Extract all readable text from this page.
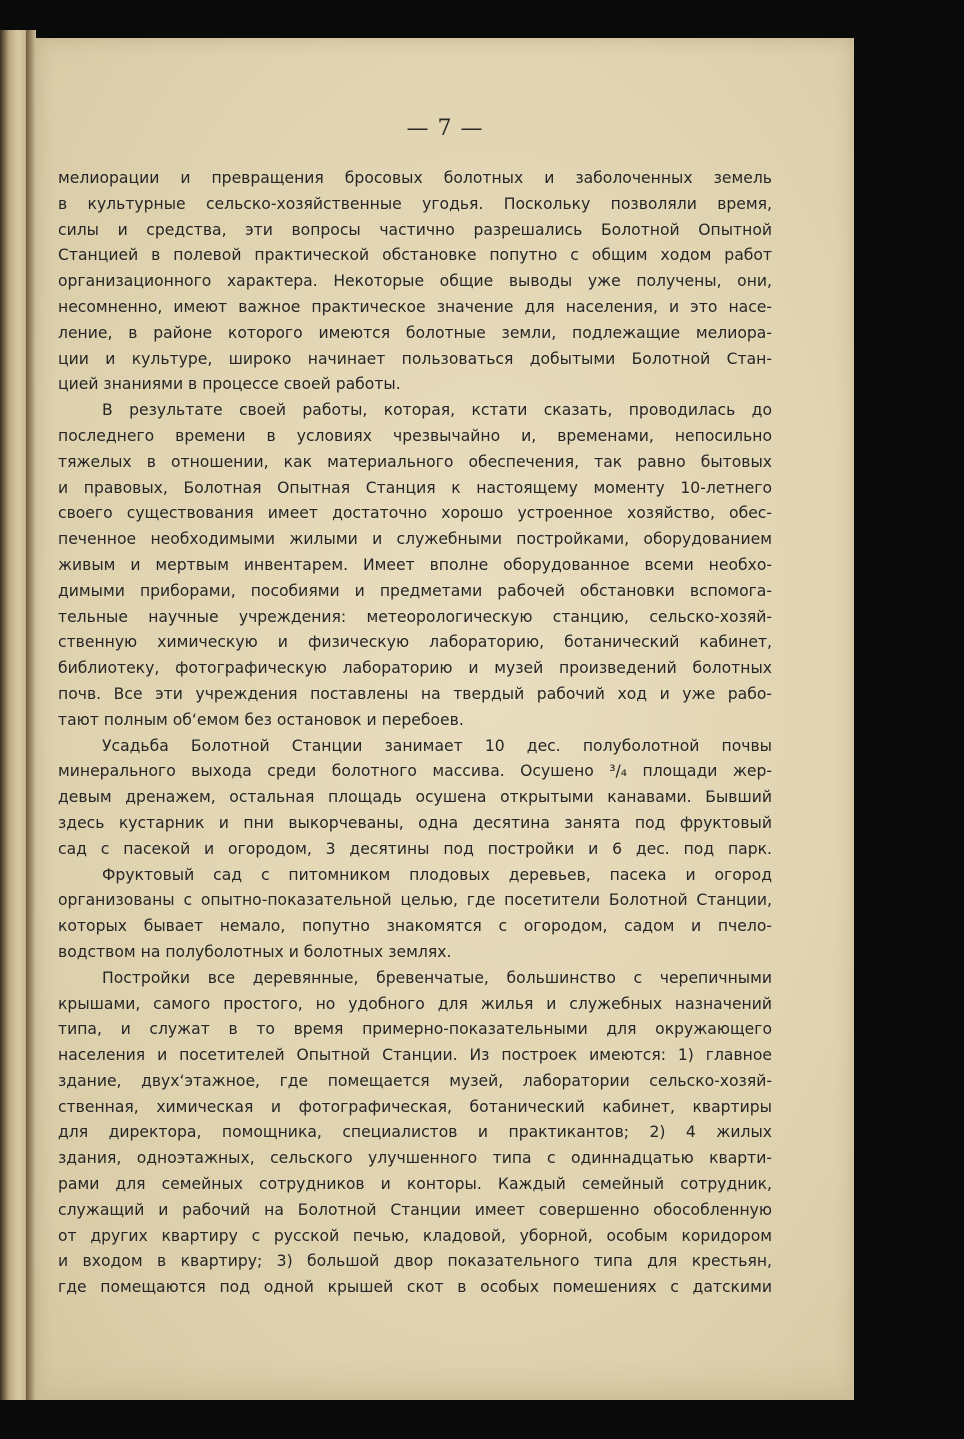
— 7 —
мелиорации и превращения бросовых болотных и заболоченных земель
в культурные сельско-хозяйственные угодья. Поскольку позволяли время,
силы и средства, эти вопросы частично разрешались Болотной Опытной
Станцией в полевой практической обстановке попутно с общим ходом работ
организационного характера. Некоторые общие выводы уже получены, они,
несомненно, имеют важное практическое значение для населения, и это насе-
ление, в районе которого имеются болотные земли, подлежащие мелиора-
ции и культуре, широко начинает пользоваться добытыми Болотной Стан-
цией знаниями в процессе своей работы.
В результате своей работы, которая, кстати сказать, проводилась до
последнего времени в условиях чрезвычайно и, временами, непосильно
тяжелых в отношении, как материального обеспечения, так равно бытовых
и правовых, Болотная Опытная Станция к настоящему моменту 10-летнего
своего существования имеет достаточно хорошо устроенное хозяйство, обес-
печенное необходимыми жилыми и служебными постройками, оборудованием
живым и мертвым инвентарем. Имеет вполне оборудованное всеми необхо-
димыми приборами, пособиями и предметами рабочей обстановки вспомога-
тельные научные учреждения: метеорологическую станцию, сельско-хозяй-
ственную химическую и физическую лабораторию, ботанический кабинет,
библиотеку, фотографическую лабораторию и музей произведений болотных
почв. Все эти учреждения поставлены на твердый рабочий ход и уже рабо-
тают полным об‘емом без остановок и перебоев.
Усадьба Болотной Станции занимает 10 дес. полуболотной почвы
минерального выхода среди болотного массива. Осушено ³/₄ площади жер-
девым дренажем, остальная площадь осушена открытыми канавами. Бывший
здесь кустарник и пни выкорчеваны, одна десятина занята под фруктовый
сад с пасекой и огородом, 3 десятины под постройки и 6 дес. под парк.
Фруктовый сад с питомником плодовых деревьев, пасека и огород
организованы с опытно-показательной целью, где посетители Болотной Станции,
которых бывает немало, попутно знакомятся с огородом, садом и пчело-
водством на полуболотных и болотных землях.
Постройки все деревянные, бревенчатые, большинство с черепичными
крышами, самого простого, но удобного для жилья и служебных назначений
типа, и служат в то время примерно-показательными для окружающего
населения и посетителей Опытной Станции. Из построек имеются: 1) главное
здание, двух‘этажное, где помещается музей, лаборатории сельско-хозяй-
ственная, химическая и фотографическая, ботанический кабинет, квартиры
для директора, помощника, специалистов и практикантов; 2) 4 жилых
здания, одноэтажных, сельского улучшенного типа с одиннадцатью кварти-
рами для семейных сотрудников и конторы. Каждый семейный сотрудник,
служащий и рабочий на Болотной Станции имеет совершенно обособленную
от других квартиру с русской печью, кладовой, уборной, особым коридором
и входом в квартиру; 3) большой двор показательного типа для крестьян,
где помещаются под одной крышей скот в особых помешениях с датскими
